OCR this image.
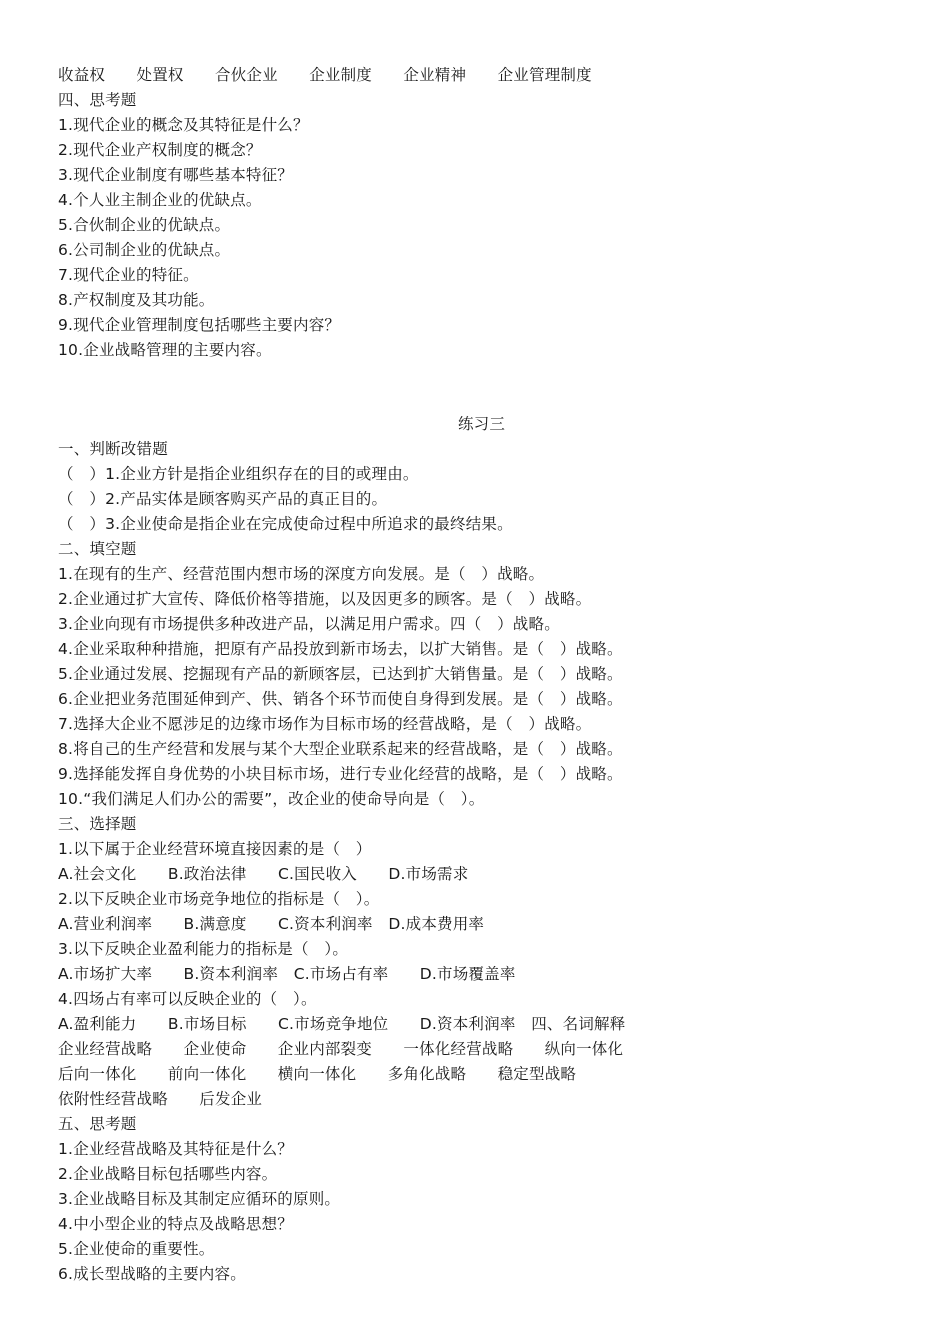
收益权　　处置权　　合伙企业　　企业制度　　企业精神　　企业管理制度
四、思考题
1.现代企业的概念及其特征是什么？
2.现代企业产权制度的概念？
3.现代企业制度有哪些基本特征？
4.个人业主制企业的优缺点。
5.合伙制企业的优缺点。
6.公司制企业的优缺点。
7.现代企业的特征。
8.产权制度及其功能。
9.现代企业管理制度包括哪些主要内容？
10.企业战略管理的主要内容。
练习三
一、判断改错题
（　）1.企业方针是指企业组织存在的目的或理由。
（　）2.产品实体是顾客购买产品的真正目的。
（　）3.企业使命是指企业在完成使命过程中所追求的最终结果。
二、填空题
1.在现有的生产、经营范围内想市场的深度方向发展。是（　）战略。
2.企业通过扩大宣传、降低价格等措施，以及因更多的顾客。是（　）战略。
3.企业向现有市场提供多种改进产品，以满足用户需求。四（　）战略。
4.企业采取种种措施，把原有产品投放到新市场去，以扩大销售。是（　）战略。
5.企业通过发展、挖掘现有产品的新顾客层，已达到扩大销售量。是（　）战略。
6.企业把业务范围延伸到产、供、销各个环节而使自身得到发展。是（　）战略。
7.选择大企业不愿涉足的边缘市场作为目标市场的经营战略，是（　）战略。
8.将自己的生产经营和发展与某个大型企业联系起来的经营战略，是（　）战略。
9.选择能发挥自身优势的小块目标市场，进行专业化经营的战略，是（　）战略。
10.“我们满足人们办公的需要”，改企业的使命导向是（　）。
三、选择题
1.以下属于企业经营环境直接因素的是（　）
A.社会文化　　B.政治法律　　C.国民收入　　D.市场需求
2.以下反映企业市场竞争地位的指标是（　）。
A.营业利润率　　B.满意度　　C.资本利润率　D.成本费用率
3.以下反映企业盈利能力的指标是（　）。
A.市场扩大率　　B.资本利润率　C.市场占有率　　D.市场覆盖率
4.四场占有率可以反映企业的（　）。
A.盈利能力　　B.市场目标　　C.市场竞争地位　　D.资本利润率　四、名词解释
企业经营战略　　企业使命　　企业内部裂变　　一体化经营战略　　纵向一体化
后向一体化　　前向一体化　　横向一体化　　多角化战略　　稳定型战略
依附性经营战略　　后发企业
五、思考题
1.企业经营战略及其特征是什么？
2.企业战略目标包括哪些内容。
3.企业战略目标及其制定应循环的原则。
4.中小型企业的特点及战略思想？
5.企业使命的重要性。
6.成长型战略的主要内容。
